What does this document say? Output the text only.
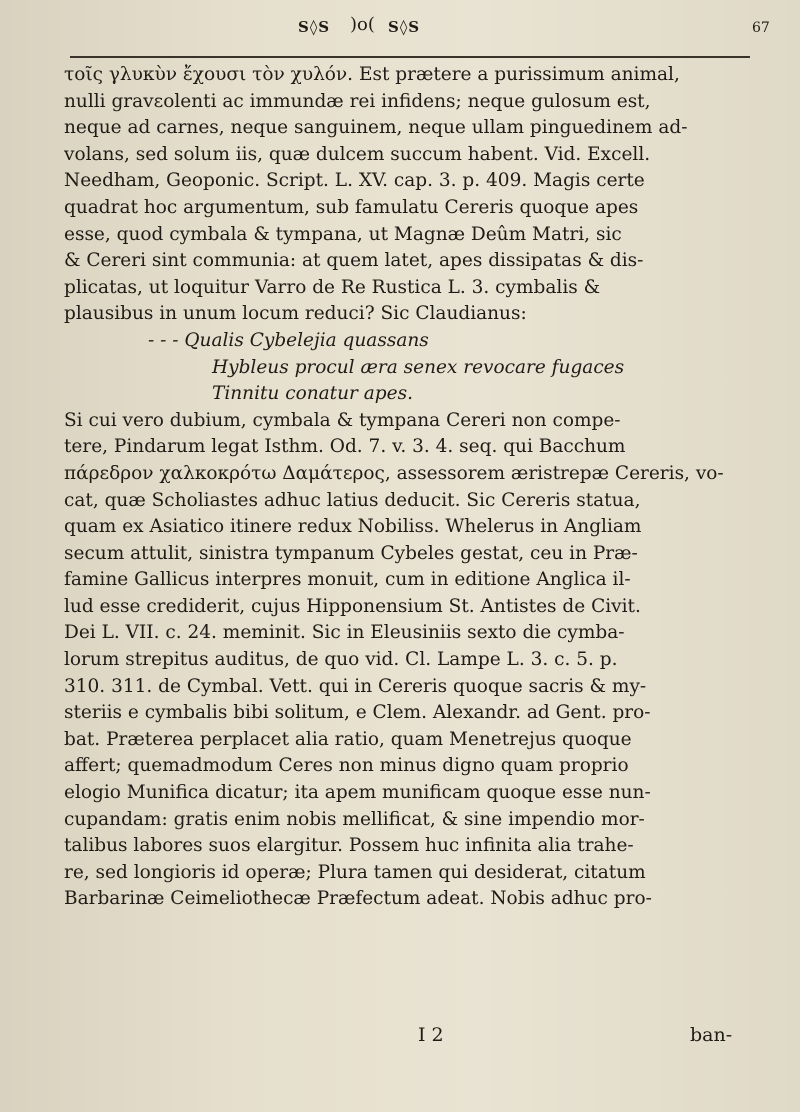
S◊S )o( S◊S	67
τοῖς γλυκὺν ἔχουσι τὸν χυλόν. Est prætere a purissimum animal,
nulli gravεolenti ac immundæ rei infidens; neque gulosum est,
neque ad carnes, neque sanguinem, neque ullam pinguedinem ad-
volans, sed solum iis, quæ dulcem succum habent. Vid. Excell.
Needham, Geoponic. Script. L. XV. cap. 3. p. 409. Magis certe
quadrat hoc argumentum, sub famulatu Cereris quoque apes
esse, quod cymbala & tympana, ut Magnæ Deûm Matri, sic
& Cereri sint communia: at quem latet, apes dissipatas & dis-
plicatas, ut loquitur Varro de Re Rustica L. 3. cymbalis &
plausibus in unum locum reduci? Sic Claudianus:
- - - Qualis Cybelejia quassans
Hybleus procul æra senex revocare fugaces
Tinnitu conatur apes.
Si cui vero dubium, cymbala & tympana Cereri non compe-
tere, Pindarum legat Isthm. Od. 7. v. 3. 4. seq. qui Bacchum
πάρεδρον χαλκοκρότω Δαμάτερος, assessorem æristrepæ Cereris, vo-
cat, quæ Scholiastes adhuc latius deducit. Sic Cereris statua,
quam ex Asiatico itinere redux Nobiliss. Whelerus in Angliam
secum attulit, sinistra tympanum Cybeles gestat, ceu in Præ-
famine Gallicus interpres monuit, cum in editione Anglica il-
lud esse crediderit, cujus Hipponensium St. Antistes de Civit.
Dei L. VII. c. 24. meminit. Sic in Eleusiniis sexto die cymba-
lorum strepitus auditus, de quo vid. Cl. Lampe L. 3. c. 5. p.
310. 311. de Cymbal. Vett. qui in Cereris quoque sacris & my-
steriis e cymbalis bibi solitum, e Clem. Alexandr. ad Gent. pro-
bat. Præterea perplacet alia ratio, quam Menetrejus quoque
affert; quemadmodum Ceres non minus digno quam proprio
elogio Munifica dicatur; ita apem munificam quoque esse nun-
cupandam: gratis enim nobis mellificat, & sine impendio mor-
talibus labores suos elargitur. Possem huc infinita alia trahe-
re, sed longioris id operæ; Plura tamen qui desiderat, citatum
Barbarinæ Ceimeliothecæ Præfectum adeat. Nobis adhuc pro-
I 2	ban-
